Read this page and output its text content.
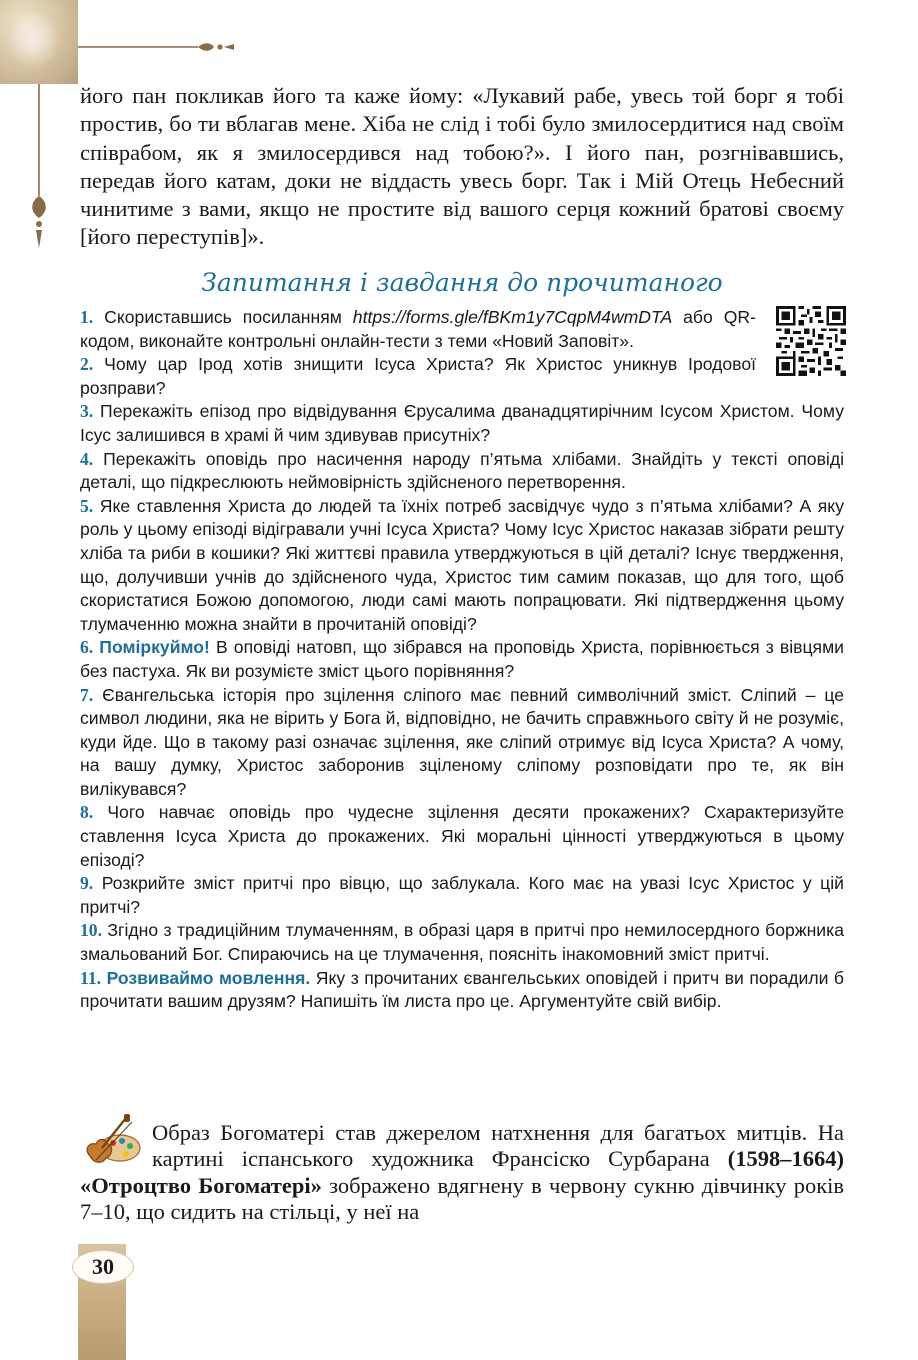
його пан покликав його та каже йому: «Лукавий рабе, увесь той борг я тобі простив, бо ти вблагав мене. Хіба не слід і тобі було змилосердитися над своїм співрабом, як я змилосердився над тобою?». І його пан, розгнівавшись, передав його катам, доки не віддасть увесь борг. Так і Мій Отець Небесний чинитиме з вами, якщо не простите від вашого серця кожний братові своєму [його переступів]».

Запитання і завдання до прочитаного

1. Скориставшись посиланням https://forms.gle/fBKm1y7CqpM4wmDTA або QR-кодом, виконайте контрольні онлайн-тести з теми «Новий Заповіт».

2. Чому цар Ірод хотів знищити Ісуса Христа? Як Христос уникнув Іродової розправи?

3. Перекажіть епізод про відвідування Єрусалима дванадцятирічним Ісусом Христом. Чому Ісус залишився в храмі й чим здивував присутніх?

4. Перекажіть оповідь про насичення народу п’ятьма хлібами. Знайдіть у тексті оповіді деталі, що підкреслюють неймовірність здійсненого перетворення.

5. Яке ставлення Христа до людей та їхніх потреб засвідчує чудо з п’ятьма хлібами? А яку роль у цьому епізоді відігравали учні Ісуса Христа? Чому Ісус Христос наказав зібрати решту хліба та риби в кошики? Які життєві правила утверджуються в цій деталі? Існує твердження, що, долучивши учнів до здійсненого чуда, Христос тим самим показав, що для того, щоб скористатися Божою допомогою, люди самі мають попрацювати. Які підтвердження цьому тлумаченню можна знайти в прочитаній оповіді?

6. Поміркуймо! В оповіді натовп, що зібрався на проповідь Христа, порівнюється з вівцями без пастуха. Як ви розумієте зміст цього порівняння?

7. Євангельська історія про зцілення сліпого має певний символічний зміст. Сліпий – це символ людини, яка не вірить у Бога й, відповідно, не бачить справжнього світу й не розуміє, куди йде. Що в такому разі означає зцілення, яке сліпий отримує від Ісуса Христа? А чому, на вашу думку, Христос заборонив зціленому сліпому розповідати про те, як він вилікувався?

8. Чого навчає оповідь про чудесне зцілення десяти прокажених? Схарактеризуйте ставлення Ісуса Христа до прокажених. Які моральні цінності утверджуються в цьому епізоді?

9. Розкрийте зміст притчі про вівцю, що заблукала. Кого має на увазі Ісус Христос у цій притчі?

10. Згідно з традиційним тлумаченням, в образі царя в притчі про немилосердного боржника змальований Бог. Спираючись на це тлумачення, поясніть інакомовний зміст притчі.

11. Розвиваймо мовлення. Яку з прочитаних євангельських оповідей і притч ви порадили б прочитати вашим друзям? Напишіть їм листа про це. Аргументуйте свій вибір.

Образ Богоматері став джерелом натхнення для багатьох митців. На картині іспанського художника Франсіско Сурбарана (1598–1664) «Отроцтво Богоматері» зображено вдягнену в червону сукню дівчинку років 7–10, що сидить на стільці, у неї на

30
